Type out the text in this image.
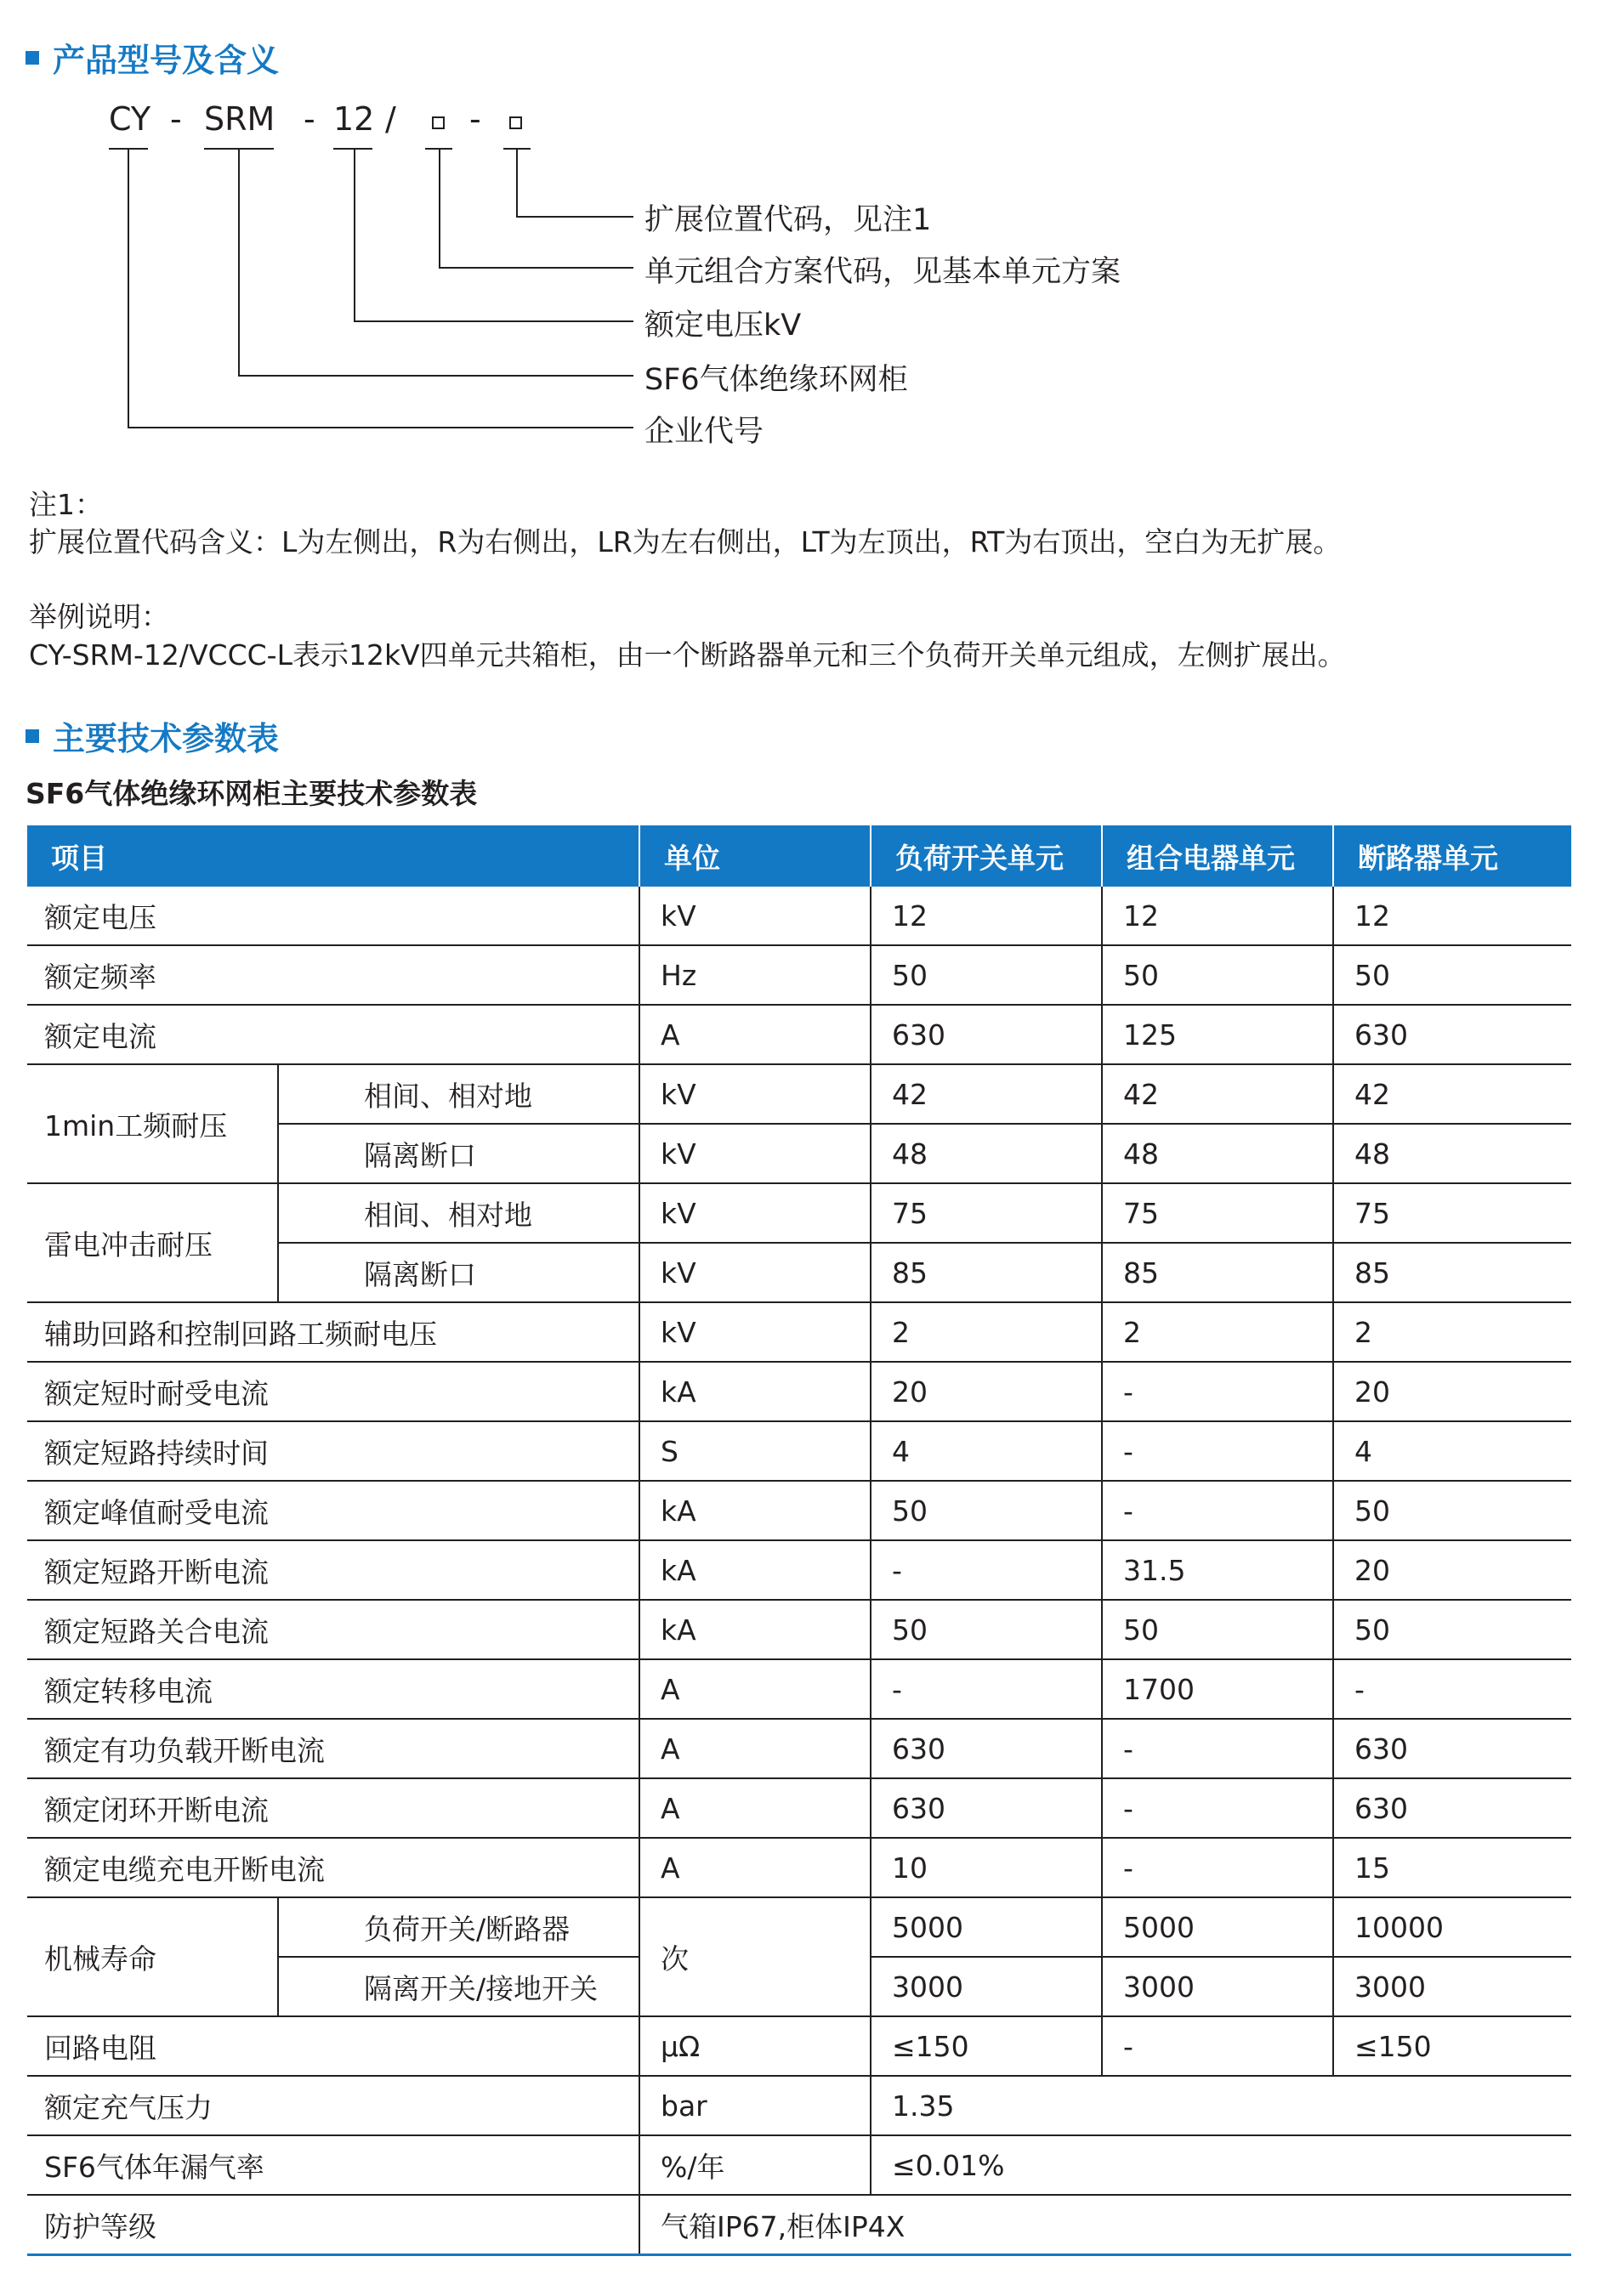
产品型号及含义
CY - SRM - 12 / -
扩展位置代码，见注1
单元组合方案代码，见基本单元方案
额定电压kV
SF6气体绝缘环网柜
企业代号
注1：
扩展位置代码含义：L为左侧出，R为右侧出，LR为左右侧出，LT为左顶出，RT为右顶出，空白为无扩展。
举例说明：
CY-SRM-12/VCCC-L表示12kV四单元共箱柜，由一个断路器单元和三个负荷开关单元组成，左侧扩展出。
主要技术参数表
SF6气体绝缘环网柜主要技术参数表
项目		单位	负荷开关单元	组合电器单元	断路器单元
额定电压		kV	12	12	12
额定频率		Hz	50	50	50
额定电流		A	630	125	630
1min工频耐压	相间、相对地	kV	42	42	42
	隔离断口	kV	48	48	48
雷电冲击耐压	相间、相对地	kV	75	75	75
	隔离断口	kV	85	85	85
辅助回路和控制回路工频耐电压		kV	2	2	2
额定短时耐受电流		kA	20	-	20
额定短路持续时间		S	4	-	4
额定峰值耐受电流		kA	50	-	50
额定短路开断电流		kA	-	31.5	20
额定短路关合电流		kA	50	50	50
额定转移电流		A	-	1700	-
额定有功负载开断电流		A	630	-	630
额定闭环开断电流		A	630	-	630
额定电缆充电开断电流		A	10	-	15
机械寿命	负荷开关/断路器	次	5000	5000	10000
	隔离开关/接地开关		3000	3000	3000
回路电阻		μΩ	≤150	-	≤150
额定充气压力		bar	1.35		
SF6气体年漏气率		%/年	≤0.01%		
防护等级		气箱IP67,柜体IP4X			
